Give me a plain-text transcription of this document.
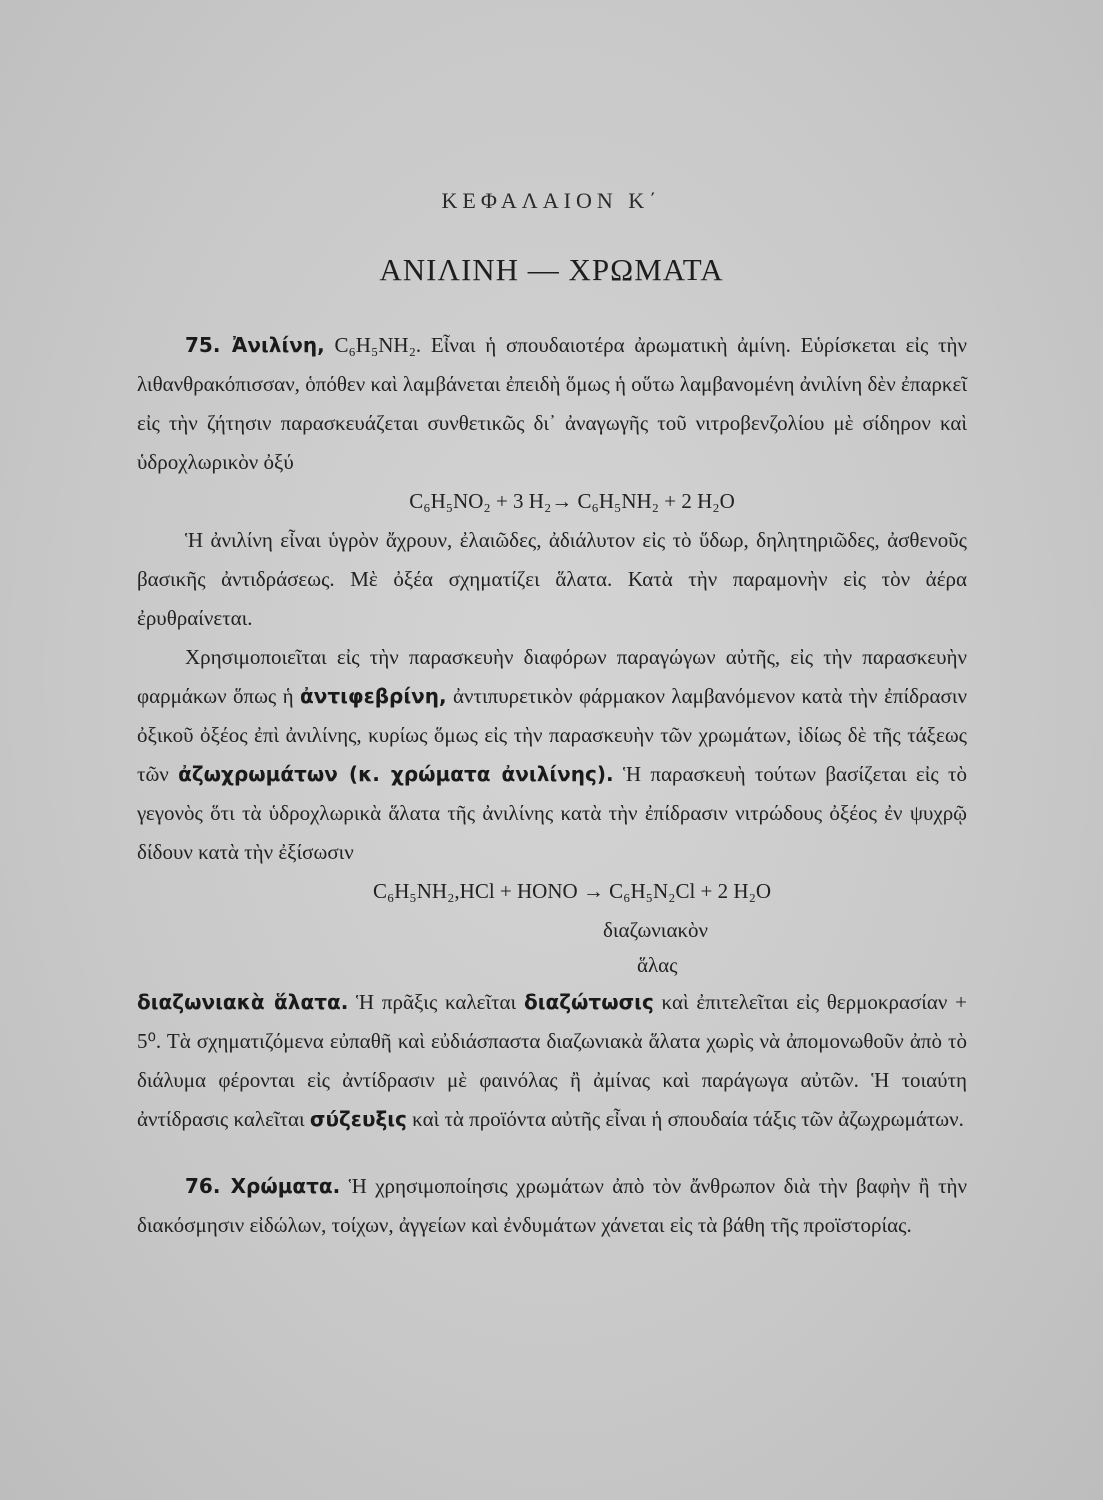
ΚΕΦΑΛΑΙΟΝ Κ΄
ΑΝΙΛΙΝΗ — ΧΡΩΜΑΤΑ

75. Ἀνιλίνη, C₆H₅NH₂. Εἶναι ἡ σπουδαιοτέρα ἀρωματικὴ ἀμίνη. Εὑρίσκεται εἰς τὴν λιθανθρακόπισσαν, ὁπόθεν καὶ λαμβάνεται ἐπειδὴ ὅμως ἡ οὕτω λαμβανομένη ἀνιλίνη δὲν ἐπαρκεῖ εἰς τὴν ζήτησιν παρασκευάζεται συνθετικῶς δι᾽ ἀναγωγῆς τοῦ νιτροβενζολίου μὲ σίδηρον καὶ ὑδροχλωρικὸν ὀξύ

C₆H₅NO₂ + 3 H₂→ C₆H₅NH₂ + 2 H₂O

Ἡ ἀνιλίνη εἶναι ὑγρὸν ἄχρουν, ἐλαιῶδες, ἀδιάλυτον εἰς τὸ ὕδωρ, δηλητηριῶδες, ἀσθενοῦς βασικῆς ἀντιδράσεως. Μὲ ὀξέα σχηματίζει ἅλατα. Κατὰ τὴν παραμονὴν εἰς τὸν ἀέρα ἐρυθραίνεται.

Χρησιμοποιεῖται εἰς τὴν παρασκευὴν διαφόρων παραγώγων αὐτῆς, εἰς τὴν παρασκευὴν φαρμάκων ὅπως ἡ ἀντιφεβρίνη, ἀντιπυρετικὸν φάρμακον λαμβανόμενον κατὰ τὴν ἐπίδρασιν ὀξικοῦ ὀξέος ἐπὶ ἀνιλίνης, κυρίως ὅμως εἰς τὴν παρασκευὴν τῶν χρωμάτων, ἰδίως δὲ τῆς τάξεως τῶν ἀζωχρωμάτων (κ. χρώματα ἀνιλίνης). Ἡ παρασκευὴ τούτων βασίζεται εἰς τὸ γεγονὸς ὅτι τὰ ὑδροχλωρικὰ ἅλατα τῆς ἀνιλίνης κατὰ τὴν ἐπίδρασιν νιτρώδους ὀξέος ἐν ψυχρῷ δίδουν κατὰ τὴν ἐξίσωσιν

C₆H₅NH₂,HCl + HONO → C₆H₅N₂Cl + 2 H₂O

διαζωνιακὸν
ἅλας

διαζωνιακὰ ἅλατα. Ἡ πρᾶξις καλεῖται διαζώτωσις καὶ ἐπιτελεῖται εἰς θερμοκρασίαν + 5⁰. Τὰ σχηματιζόμενα εὐπαθῆ καὶ εὐδιάσπαστα διαζωνιακὰ ἅλατα χωρὶς νὰ ἀπομονωθοῦν ἀπὸ τὸ διάλυμα φέρονται εἰς ἀντίδρασιν μὲ φαινόλας ἢ ἀμίνας καὶ παράγωγα αὐτῶν. Ἡ τοιαύτη ἀντίδρασις καλεῖται σύζευξις καὶ τὰ προϊόντα αὐτῆς εἶναι ἡ σπουδαία τάξις τῶν ἀζωχρωμάτων.

76. Χρώματα. Ἡ χρησιμοποίησις χρωμάτων ἀπὸ τὸν ἄνθρωπον διὰ τὴν βαφὴν ἢ τὴν διακόσμησιν εἰδώλων, τοίχων, ἀγγείων καὶ ἐνδυμάτων χάνεται εἰς τὰ βάθη τῆς προϊστορίας.
